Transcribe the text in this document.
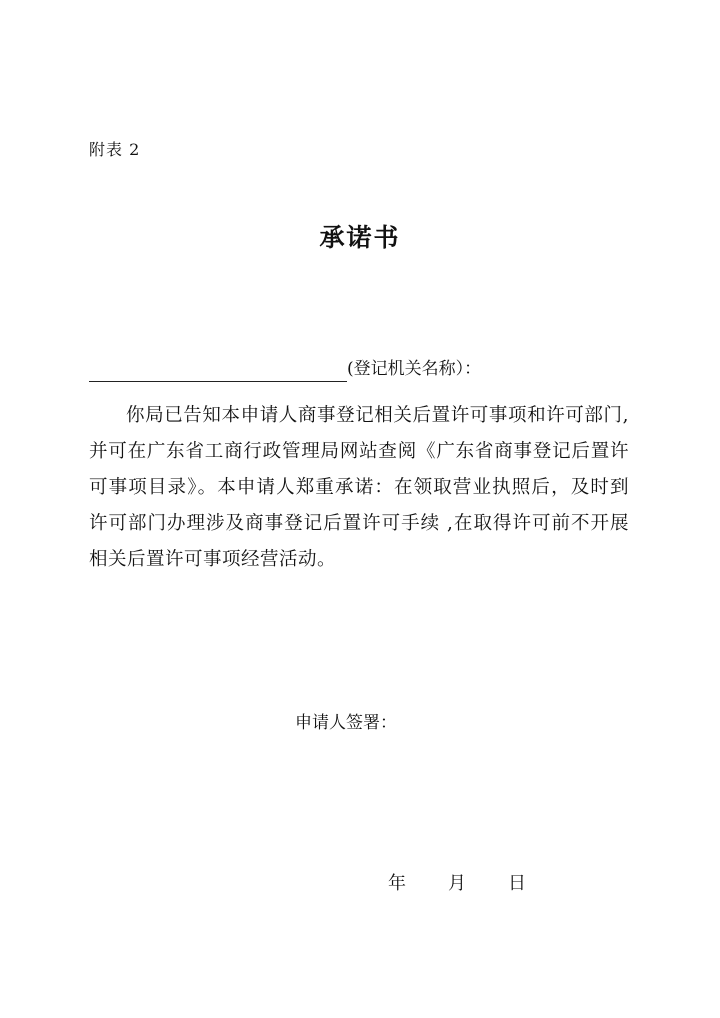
附表 2
承诺书
(登记机关名称）：
你局已告知本申请人商事登记相关后置许可事项和许可部门,并可在广东省工商行政管理局网站查阅《广东省商事登记后置许可事项目录》。本申请人郑重承诺：在领取营业执照后，及时到许可部门办理涉及商事登记后置许可手续 ,在取得许可前不开展相关后置许可事项经营活动。
申请人签署：
年 月 日
